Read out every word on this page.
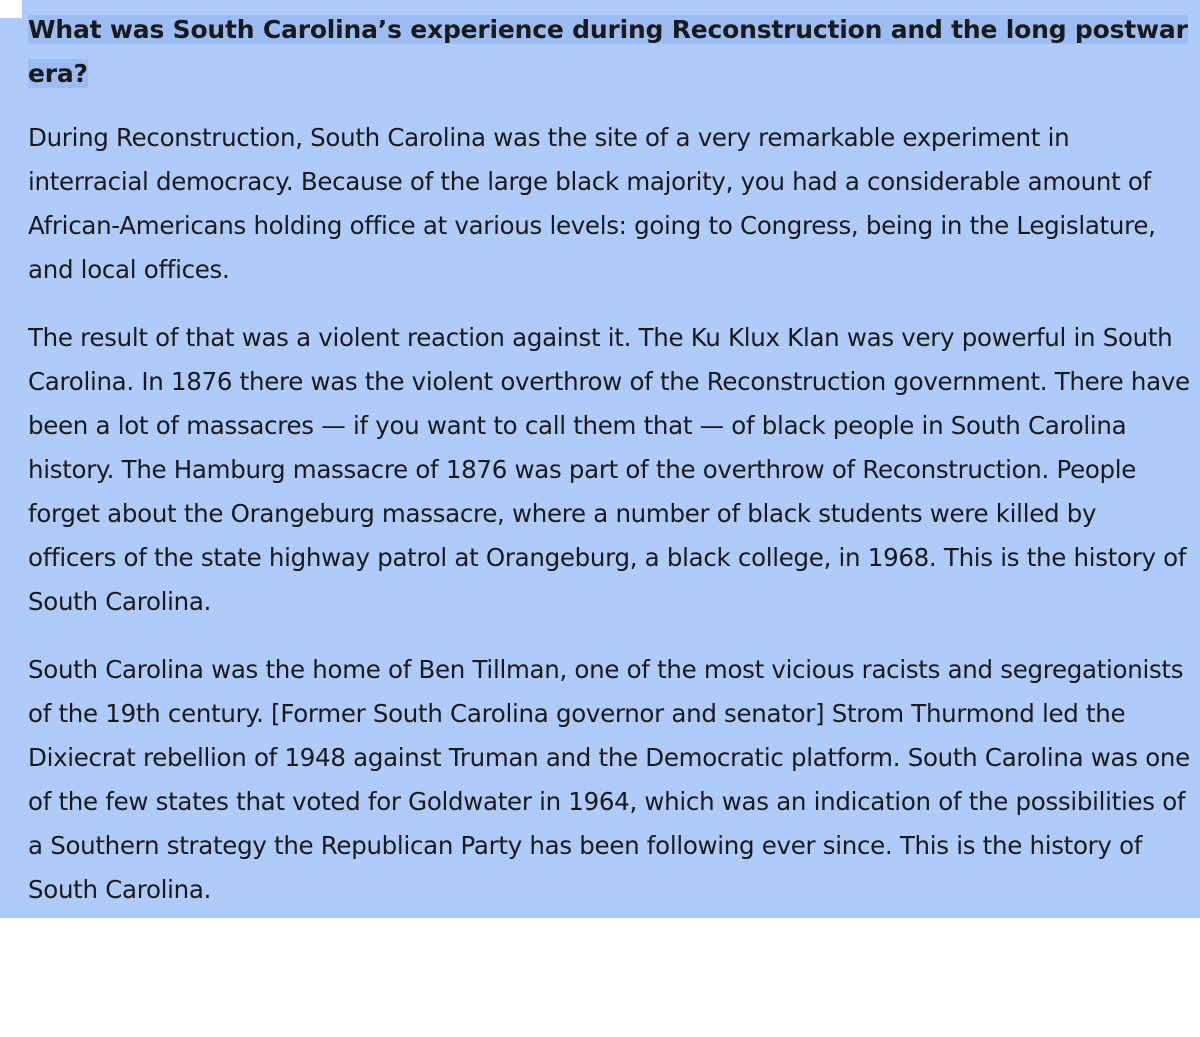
What was South Carolina’s experience during Reconstruction and the long postwar era?

During Reconstruction, South Carolina was the site of a very remarkable experiment in interracial democracy. Because of the large black majority, you had a considerable amount of African-Americans holding office at various levels: going to Congress, being in the Legislature, and local offices.

The result of that was a violent reaction against it. The Ku Klux Klan was very powerful in South Carolina. In 1876 there was the violent overthrow of the Reconstruction government. There have been a lot of massacres — if you want to call them that — of black people in South Carolina history. The Hamburg massacre of 1876 was part of the overthrow of Reconstruction. People forget about the Orangeburg massacre, where a number of black students were killed by officers of the state highway patrol at Orangeburg, a black college, in 1968. This is the history of South Carolina.

South Carolina was the home of Ben Tillman, one of the most vicious racists and segregationists of the 19th century. [Former South Carolina governor and senator] Strom Thurmond led the Dixiecrat rebellion of 1948 against Truman and the Democratic platform. South Carolina was one of the few states that voted for Goldwater in 1964, which was an indication of the possibilities of a Southern strategy the Republican Party has been following ever since. This is the history of South Carolina.
